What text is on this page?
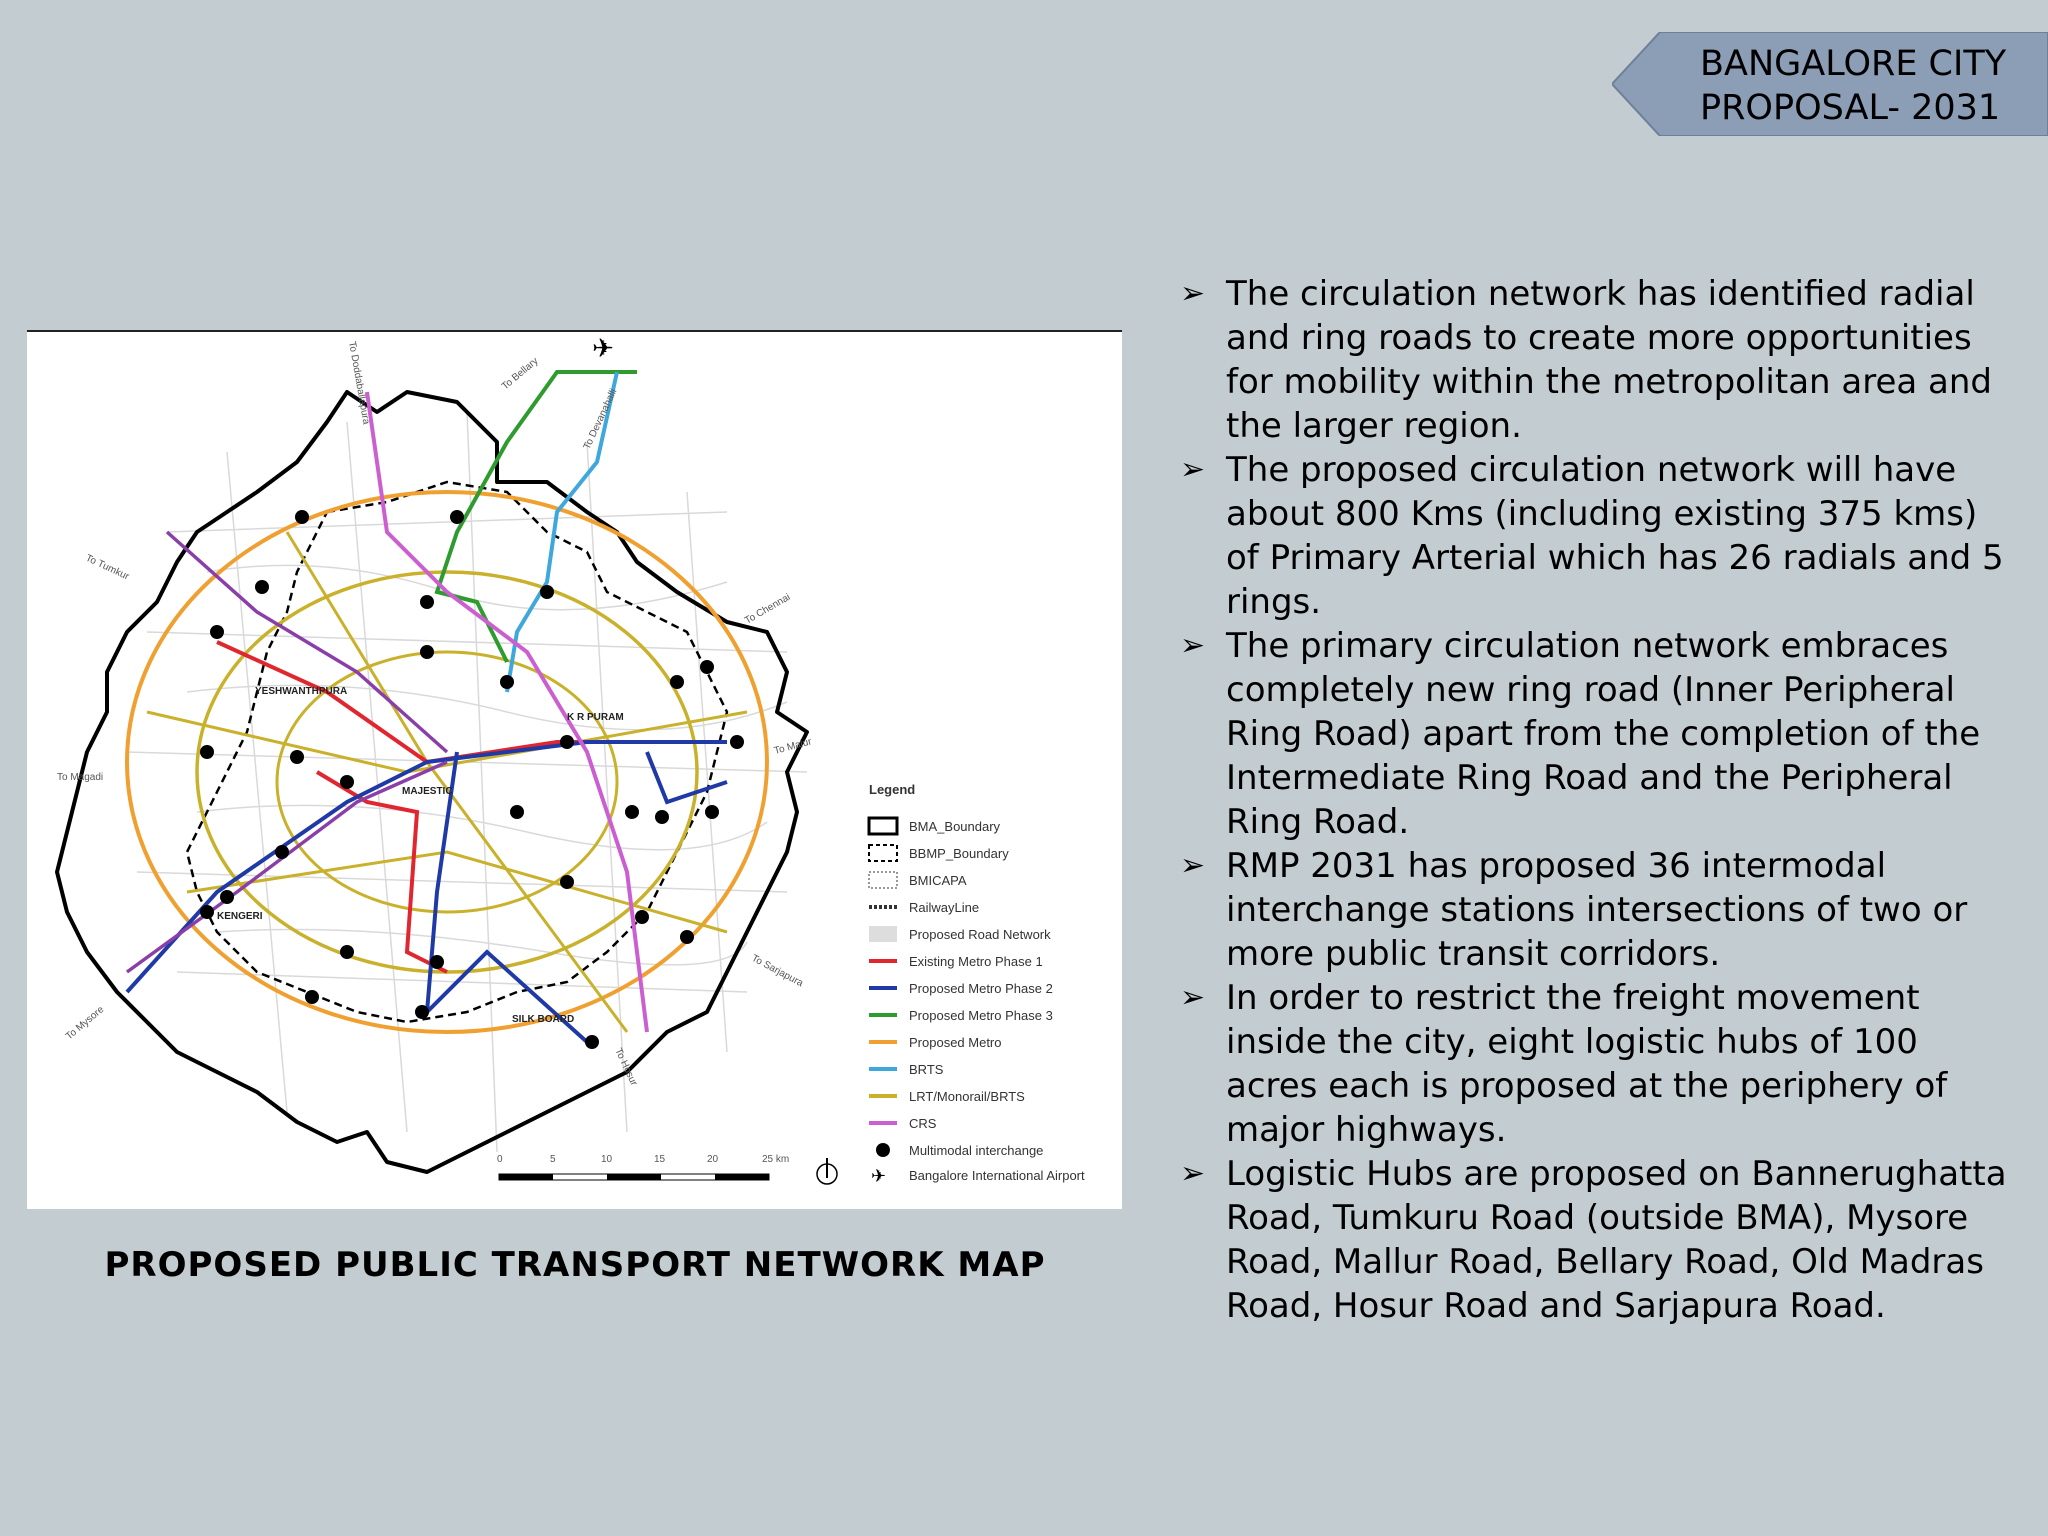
BANGALORE CITY
PROPOSAL- 2031
✈
YESHWANTHPURA
K R PURAM
MAJESTIC
KENGERI
SILK BOARD
To Doddaballapura	To Bellary
To Devanahalli
To Tumkur
To Chennai
To Malur
To Magadi
To Sarjapura
To Mysore
To Hosur
Legend
BMA_Boundary
BBMP_Boundary
BMICAPA
RailwayLine
Proposed Road Network
Existing Metro Phase 1
Proposed Metro Phase 2
Proposed Metro Phase 3
Proposed Metro
BRTS
LRT/Monorail/BRTS
CRS
Multimodal interchange
✈ Bangalore International Airport
0	5	10	15	20	25 km
PROPOSED PUBLIC TRANSPORT NETWORK MAP
➢ The circulation network has identified radial and ring roads to create more opportunities for mobility within the metropolitan area and the larger region.
➢ The proposed circulation network will have about 800 Kms (including existing 375 kms) of Primary Arterial which has 26 radials and 5 rings.
➢ The primary circulation network embraces completely new ring road (Inner Peripheral Ring Road) apart from the completion of the Intermediate Ring Road and the Peripheral Ring Road.
➢ RMP 2031 has proposed 36 intermodal interchange stations intersections of two or more public transit corridors.
➢ In order to restrict the freight movement inside the city, eight logistic hubs of 100 acres each is proposed at the periphery of major highways.
➢ Logistic Hubs are proposed on Bannerughatta Road, Tumkuru Road (outside BMA), Mysore Road, Mallur Road, Bellary Road, Old Madras Road, Hosur Road and Sarjapura Road.
